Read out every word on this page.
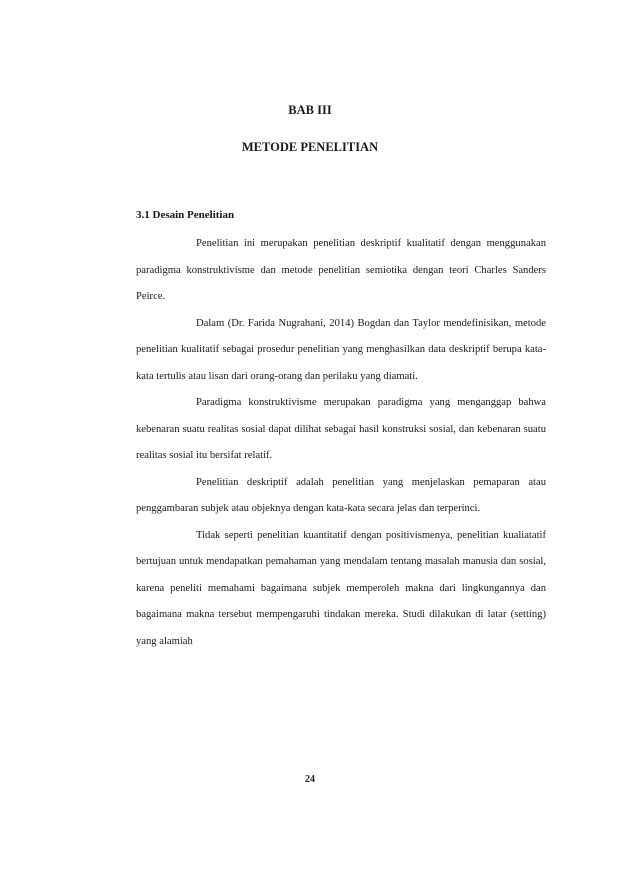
BAB III
METODE PENELITIAN
3.1 Desain Penelitian

Penelitian ini merupakan penelitian deskriptif kualitatif dengan menggunakan paradigma konstruktivisme dan metode penelitian semiotika dengan teori Charles Sanders Peirce.

Dalam (Dr. Farida Nugrahani, 2014) Bogdan dan Taylor mendefinisikan, metode penelitian kualitatif sebagai prosedur penelitian yang menghasilkan data deskriptif berupa kata-kata tertulis atau lisan dari orang-orang dan perilaku yang diamati.

Paradigma konstruktivisme merupakan paradigma yang menganggap bahwa kebenaran suatu realitas sosial dapat dilihat sebagai hasil konstruksi sosial, dan kebenaran suatu realitas sosial itu bersifat relatif.

Penelitian deskriptif adalah penelitian yang menjelaskan pemaparan atau penggambaran subjek atau objeknya dengan kata-kata secara jelas dan terperinci.

Tidak seperti penelitian kuantitatif dengan positivismenya, penelitian kualiatatif bertujuan untuk mendapatkan pemahaman yang mendalam tentang masalah manusia dan sosial, karena peneliti memahami bagaimana subjek memperoleh makna dari lingkungannya dan bagaimana makna tersebut mempengaruhi tindakan mereka. Studi dilakukan di latar (setting) yang alamiah

24
